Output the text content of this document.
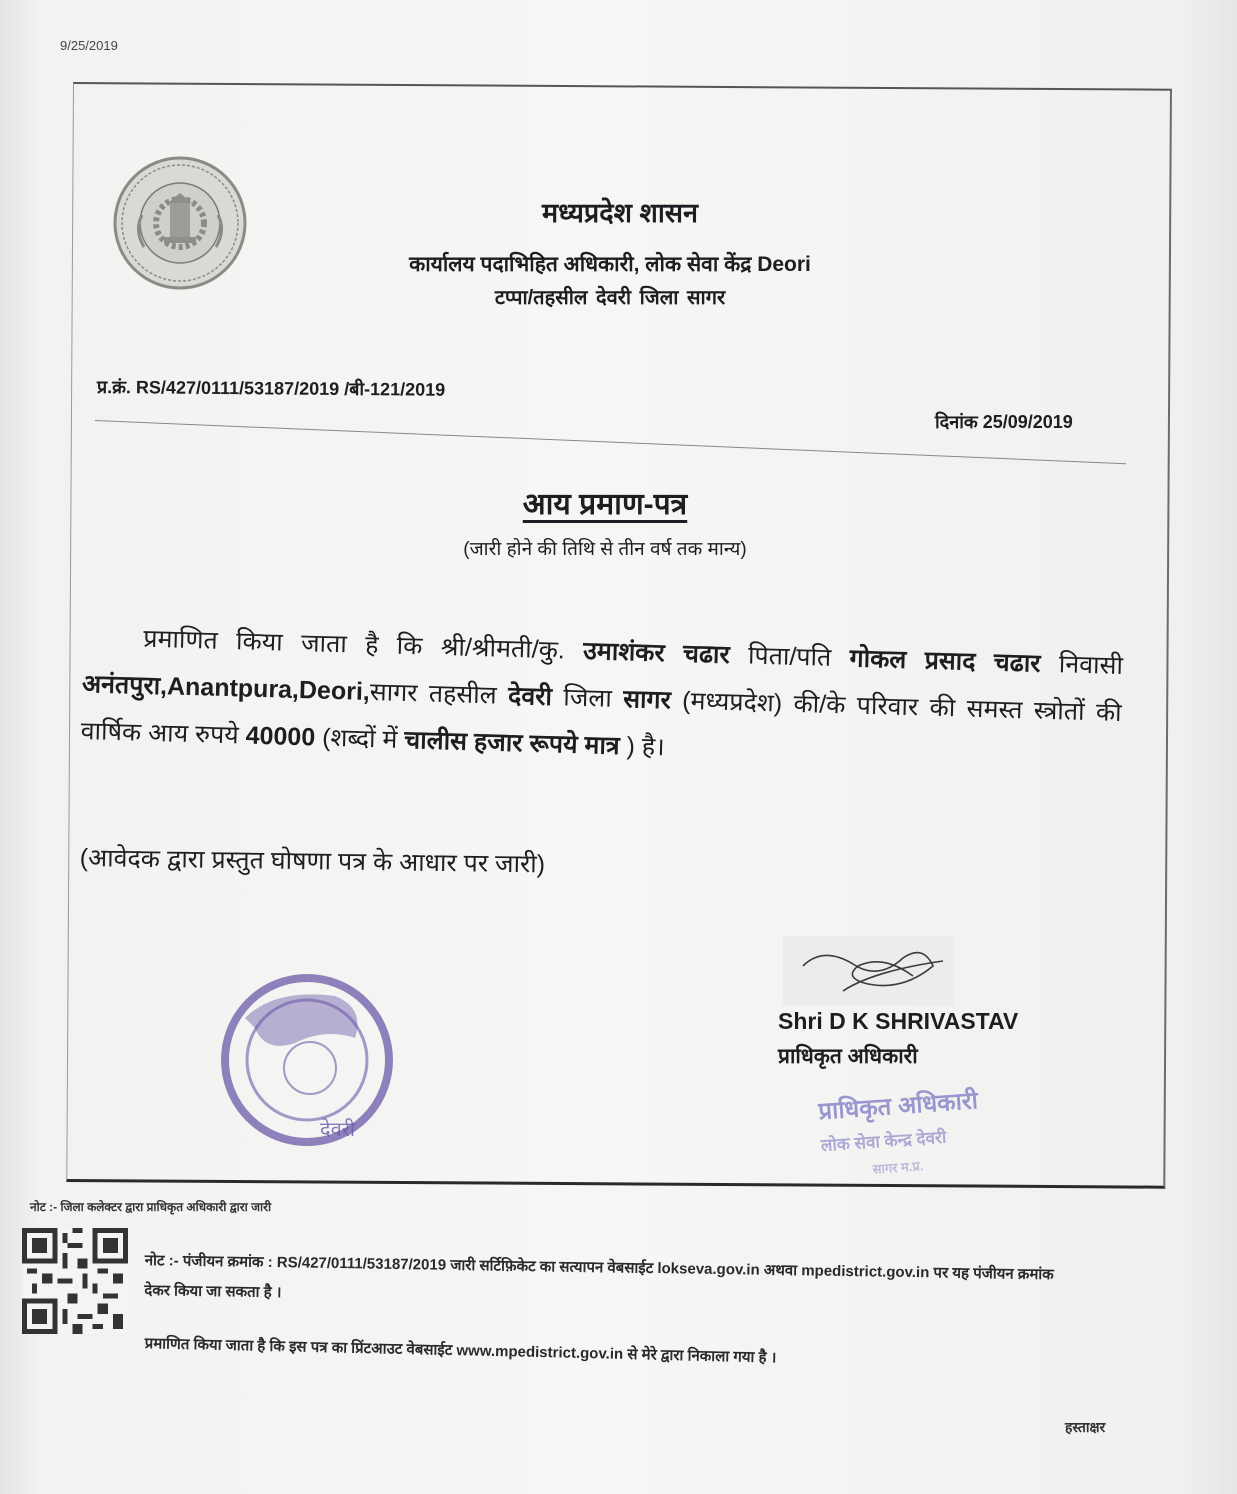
9/25/2019
मध्यप्रदेश शासन
कार्यालय पदाभिहित अधिकारी, लोक सेवा केंद्र Deori
टप्पा/तहसील देवरी जिला सागर
प्र.क्रं. RS/427/0111/53187/2019 /बी-121/2019
दिनांक 25/09/2019
आय प्रमाण-पत्र
(जारी होने की तिथि से तीन वर्ष तक मान्य)
प्रमाणित किया जाता है कि श्री/श्रीमती/कु. उमाशंकर चढार पिता/पति गोकल प्रसाद चढार निवासी अनंतपुरा,Anantpura,Deori,सागर तहसील देवरी जिला सागर (मध्यप्रदेश) की/के परिवार की समस्त स्त्रोतों की वार्षिक आय रुपये 40000 (शब्दों में चालीस हजार रूपये मात्र ) है।
(आवेदक द्वारा प्रस्तुत घोषणा पत्र के आधार पर जारी)
Shri D K SHRIVASTAV
प्राधिकृत अधिकारी
देवरी
प्राधिकृत अधिकारी
लोक सेवा केन्द्र देवरी
सागर म.प्र.
नोट :- जिला कलेक्टर द्वारा प्राधिकृत अधिकारी द्वारा जारी
नोट :- पंजीयन क्रमांक : RS/427/0111/53187/2019 जारी सर्टिफ़िकेट का सत्यापन वेबसाईट lokseva.gov.in अथवा mpedistrict.gov.in पर यह पंजीयन क्रमांक देकर किया जा सकता है ।
प्रमाणित किया जाता है कि इस पत्र का प्रिंटआउट वेबसाईट www.mpedistrict.gov.in से मेरे द्वारा निकाला गया है ।
हस्ताक्षर
